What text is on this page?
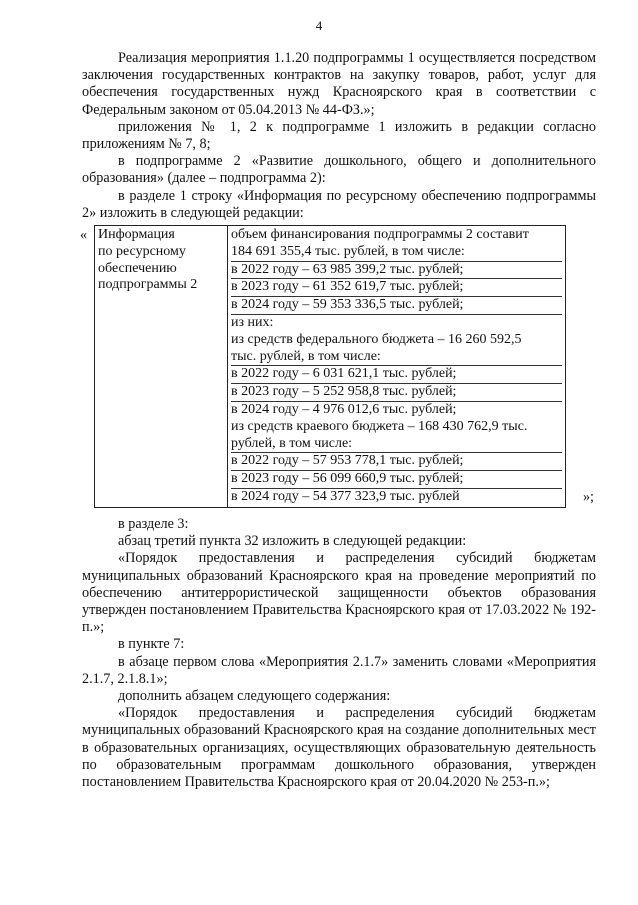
4

Реализация мероприятия 1.1.20 подпрограммы 1 осуществляется посредством заключения государственных контрактов на закупку товаров, работ, услуг для обеспечения государственных нужд Красноярского края в соответствии с Федеральным законом от 05.04.2013 № 44-ФЗ.»;

приложения № 1, 2 к подпрограмме 1 изложить в редакции согласно приложениям № 7, 8;

в подпрограмме 2 «Развитие дошкольного, общего и дополнительного образования» (далее – подпрограмма 2):

в разделе 1 строку «Информация по ресурсному обеспечению подпрограммы 2» изложить в следующей редакции:

« Информация
по ресурсному
обеспечению
подпрограммы 2

объем финансирования подпрограммы 2 составит
184 691 355,4 тыс. рублей, в том числе:
в 2022 году – 63 985 399,2 тыс. рублей;
в 2023 году – 61 352 619,7 тыс. рублей;
в 2024 году – 59 353 336,5 тыс. рублей;
из них:
из средств федерального бюджета – 16 260 592,5
тыс. рублей, в том числе:
в 2022 году – 6 031 621,1 тыс. рублей;
в 2023 году – 5 252 958,8 тыс. рублей;
в 2024 году – 4 976 012,6 тыс. рублей;
из средств краевого бюджета – 168 430 762,9 тыс.
рублей, в том числе:
в 2022 году – 57 953 778,1 тыс. рублей;
в 2023 году – 56 099 660,9 тыс. рублей;
в 2024 году – 54 377 323,9 тыс. рублей	»;

в разделе 3:

абзац третий пункта 32 изложить в следующей редакции:

«Порядок предоставления и распределения субсидий бюджетам муниципальных образований Красноярского края на проведение мероприятий по обеспечению антитеррористической защищенности объектов образования утвержден постановлением Правительства Красноярского края от 17.03.2022 № 192-п.»;

в пункте 7:

в абзаце первом слова «Мероприятия 2.1.7» заменить словами «Мероприятия 2.1.7, 2.1.8.1»;

дополнить абзацем следующего содержания:

«Порядок предоставления и распределения субсидий бюджетам муниципальных образований Красноярского края на создание дополнительных мест в образовательных организациях, осуществляющих образовательную деятельность по образовательным программам дошкольного образования, утвержден постановлением Правительства Красноярского края от 20.04.2020 № 253-п.»;
